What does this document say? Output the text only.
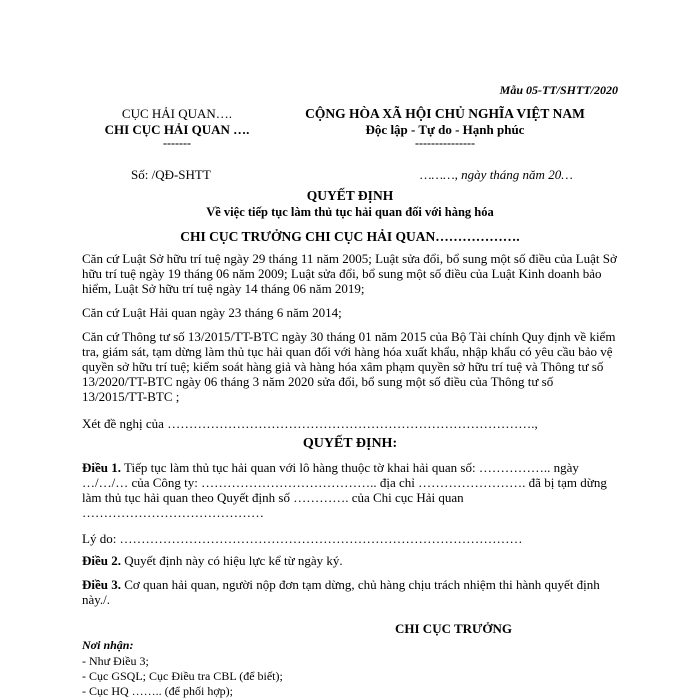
Mẫu 05-TT/SHTT/2020
CỤC HẢI QUAN….
CHI CỤC HẢI QUAN ….
-------
CỘNG HÒA XÃ HỘI CHỦ NGHĨA VIỆT NAM
Độc lập - Tự do - Hạnh phúc
---------------
Số: /QĐ-SHTT	………, ngày tháng năm 20…
QUYẾT ĐỊNH
Về việc tiếp tục làm thủ tục hải quan đối với hàng hóa
CHI CỤC TRƯỞNG CHI CỤC HẢI QUAN……………….

Căn cứ Luật Sở hữu trí tuệ ngày 29 tháng 11 năm 2005; Luật sửa đổi, bổ sung một số điều của Luật Sở hữu trí tuệ ngày 19 tháng 06 năm 2009; Luật sửa đổi, bổ sung một số điều của Luật Kinh doanh bảo hiểm, Luật Sở hữu trí tuệ ngày 14 tháng 06 năm 2019;

Căn cứ Luật Hải quan ngày 23 tháng 6 năm 2014;

Căn cứ Thông tư số 13/2015/TT-BTC ngày 30 tháng 01 năm 2015 của Bộ Tài chính Quy định về kiểm tra, giám sát, tạm dừng làm thủ tục hải quan đối với hàng hóa xuất khẩu, nhập khẩu có yêu cầu bảo vệ quyền sở hữu trí tuệ; kiểm soát hàng giả và hàng hóa xâm phạm quyền sở hữu trí tuệ và Thông tư số 13/2020/TT-BTC ngày 06 tháng 3 năm 2020 sửa đổi, bổ sung một số điều của Thông tư số 13/2015/TT-BTC ;

Xét đề nghị của ………………………………………………………………………….,

QUYẾT ĐỊNH:

Điều 1. Tiếp tục làm thủ tục hải quan với lô hàng thuộc tờ khai hải quan số: …………….. ngày …/…/… của Công ty: ………………………………….. địa chỉ ……………………. đã bị tạm dừng làm thủ tục hải quan theo Quyết định số …………. của Chi cục Hải quan ……………………………………

Lý do: …………………………………………………………………………………

Điều 2. Quyết định này có hiệu lực kể từ ngày ký.

Điều 3. Cơ quan hải quan, người nộp đơn tạm dừng, chủ hàng chịu trách nhiệm thi hành quyết định này./.

CHI CỤC TRƯỞNG
Nơi nhận:
- Như Điều 3;
- Cục GSQL; Cục Điều tra CBL (để biết);
- Cục HQ …….. (để phối hợp);
